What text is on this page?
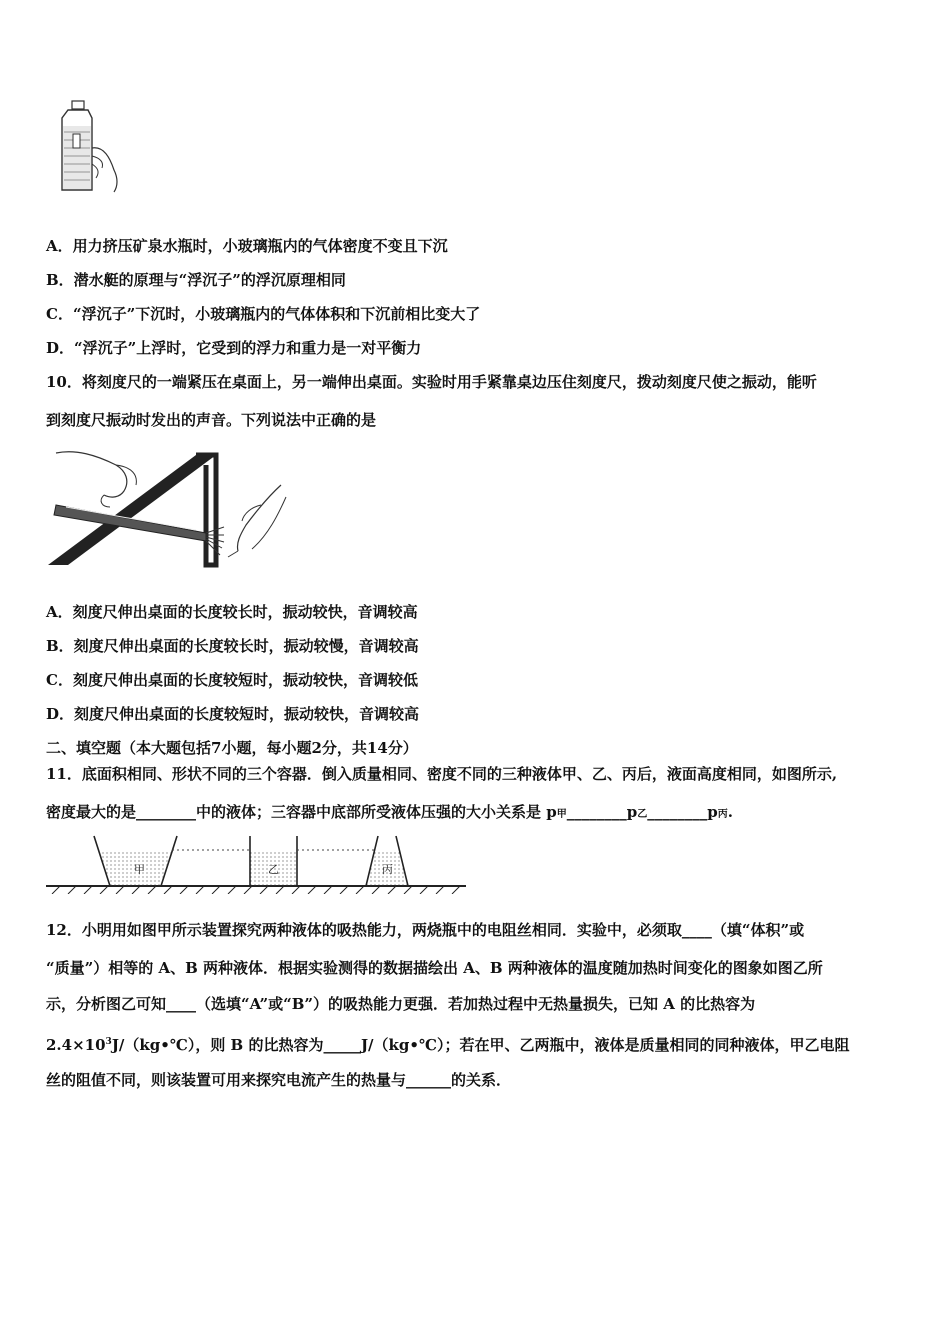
A．用力挤压矿泉水瓶时，小玻璃瓶内的气体密度不变且下沉
B．潜水艇的原理与“浮沉子”的浮沉原理相同
C．“浮沉子”下沉时，小玻璃瓶内的气体体积和下沉前相比变大了
D．“浮沉子”上浮时，它受到的浮力和重力是一对平衡力
10．将刻度尺的一端紧压在桌面上，另一端伸出桌面。实验时用手紧靠桌边压住刻度尺，拨动刻度尺使之振动，能听
到刻度尺振动时发出的声音。下列说法中正确的是
A．刻度尺伸出桌面的长度较长时，振动较快，音调较高
B．刻度尺伸出桌面的长度较长时，振动较慢，音调较高
C．刻度尺伸出桌面的长度较短时，振动较快，音调较低
D．刻度尺伸出桌面的长度较短时，振动较快，音调较高
二、填空题（本大题包括7小题，每小题2分，共14分）
11．底面积相同、形状不同的三个容器．倒入质量相同、密度不同的三种液体甲、乙、丙后，液面高度相同，如图所示,
密度最大的是________中的液体；三容器中底部所受液体压强的大小关系是 p甲________p乙________p丙.
甲	乙	丙
12．小明用如图甲所示装置探究两种液体的吸热能力，两烧瓶中的电阻丝相同．实验中，必须取____（填“体积”或
“质量”）相等的 A、B 两种液体．根据实验测得的数据描绘出 A、B 两种液体的温度随加热时间变化的图象如图乙所
示，分析图乙可知____（选填“A”或“B”）的吸热能力更强．若加热过程中无热量损失，已知 A 的比热容为
$2.4\times 10^3J/(kg•℃)$，则 B 的比热容为_____J/（kg•℃）；若在甲、乙两瓶中，液体是质量相同的同种液体，甲乙电阻
丝的阻值不同，则该装置可用来探究电流产生的热量与______的关系．
